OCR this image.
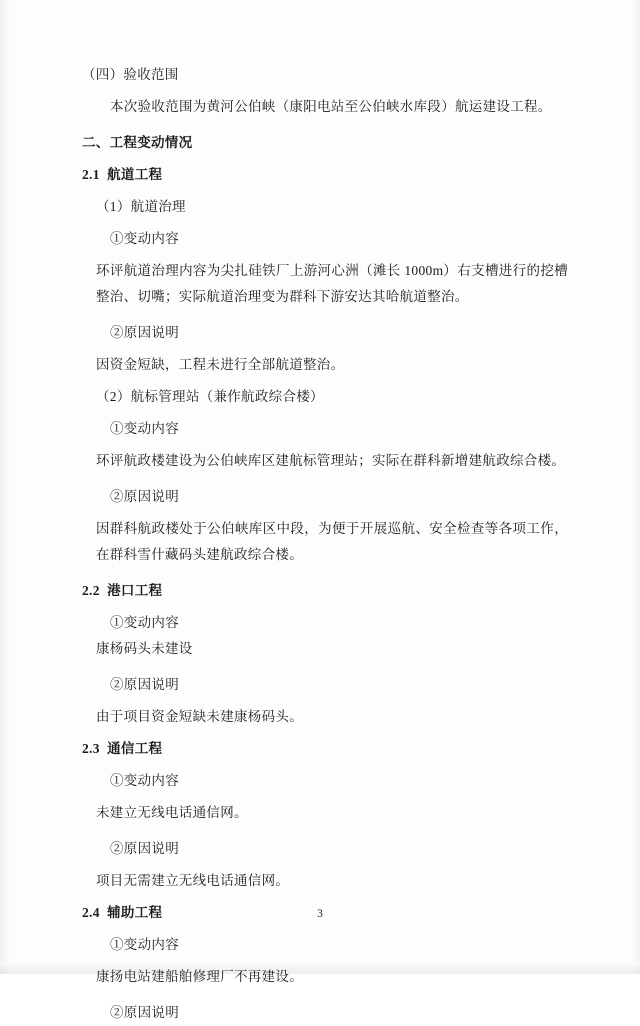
（四）验收范围
本次验收范围为黄河公伯峡（康阳电站至公伯峡水库段）航运建设工程。
二、工程变动情况
2.1  航道工程
（1）航道治理
①变动内容
环评航道治理内容为尖扎硅铁厂上游河心洲（滩长 1000m）右支槽进行的挖槽整治、切嘴；实际航道治理变为群科下游安达其哈航道整治。
②原因说明
因资金短缺，工程未进行全部航道整治。
（2）航标管理站（兼作航政综合楼）
①变动内容
环评航政楼建设为公伯峡库区建航标管理站；实际在群科新增建航政综合楼。
②原因说明
因群科航政楼处于公伯峡库区中段，为便于开展巡航、安全检查等各项工作，在群科雪什藏码头建航政综合楼。
2.2  港口工程
①变动内容
康杨码头未建设
②原因说明
由于项目资金短缺未建康杨码头。
2.3  通信工程
①变动内容
未建立无线电话通信网。
②原因说明
项目无需建立无线电话通信网。
2.4  辅助工程
①变动内容
康扬电站建船舶修理厂不再建设。
②原因说明
3
